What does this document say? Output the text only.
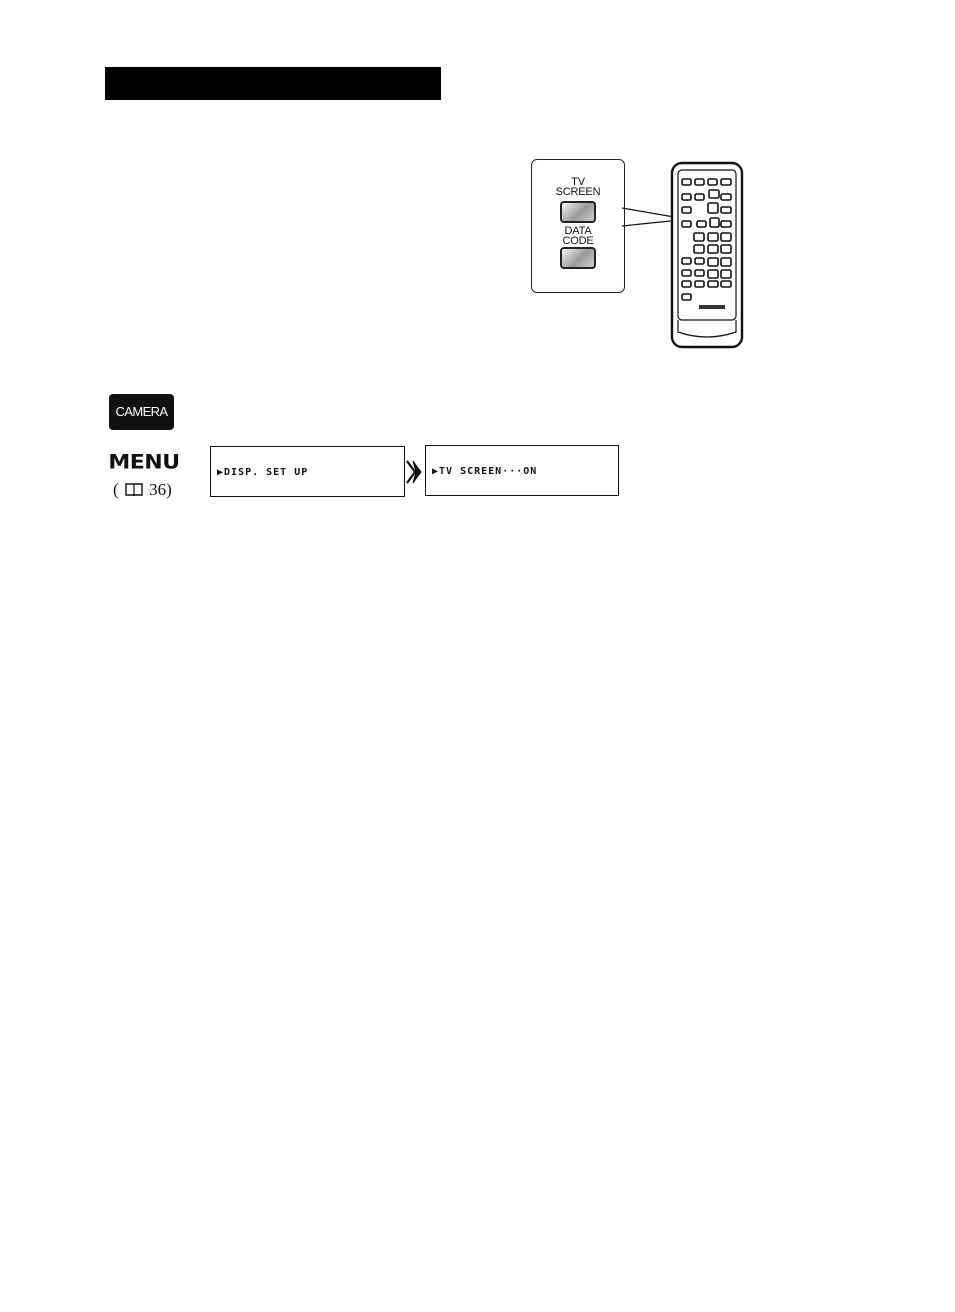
TV
SCREEN
DATA
CODE
CAMERA
MENU
( 36)
▶DISP. SET UP	▶TV SCREEN···ON
